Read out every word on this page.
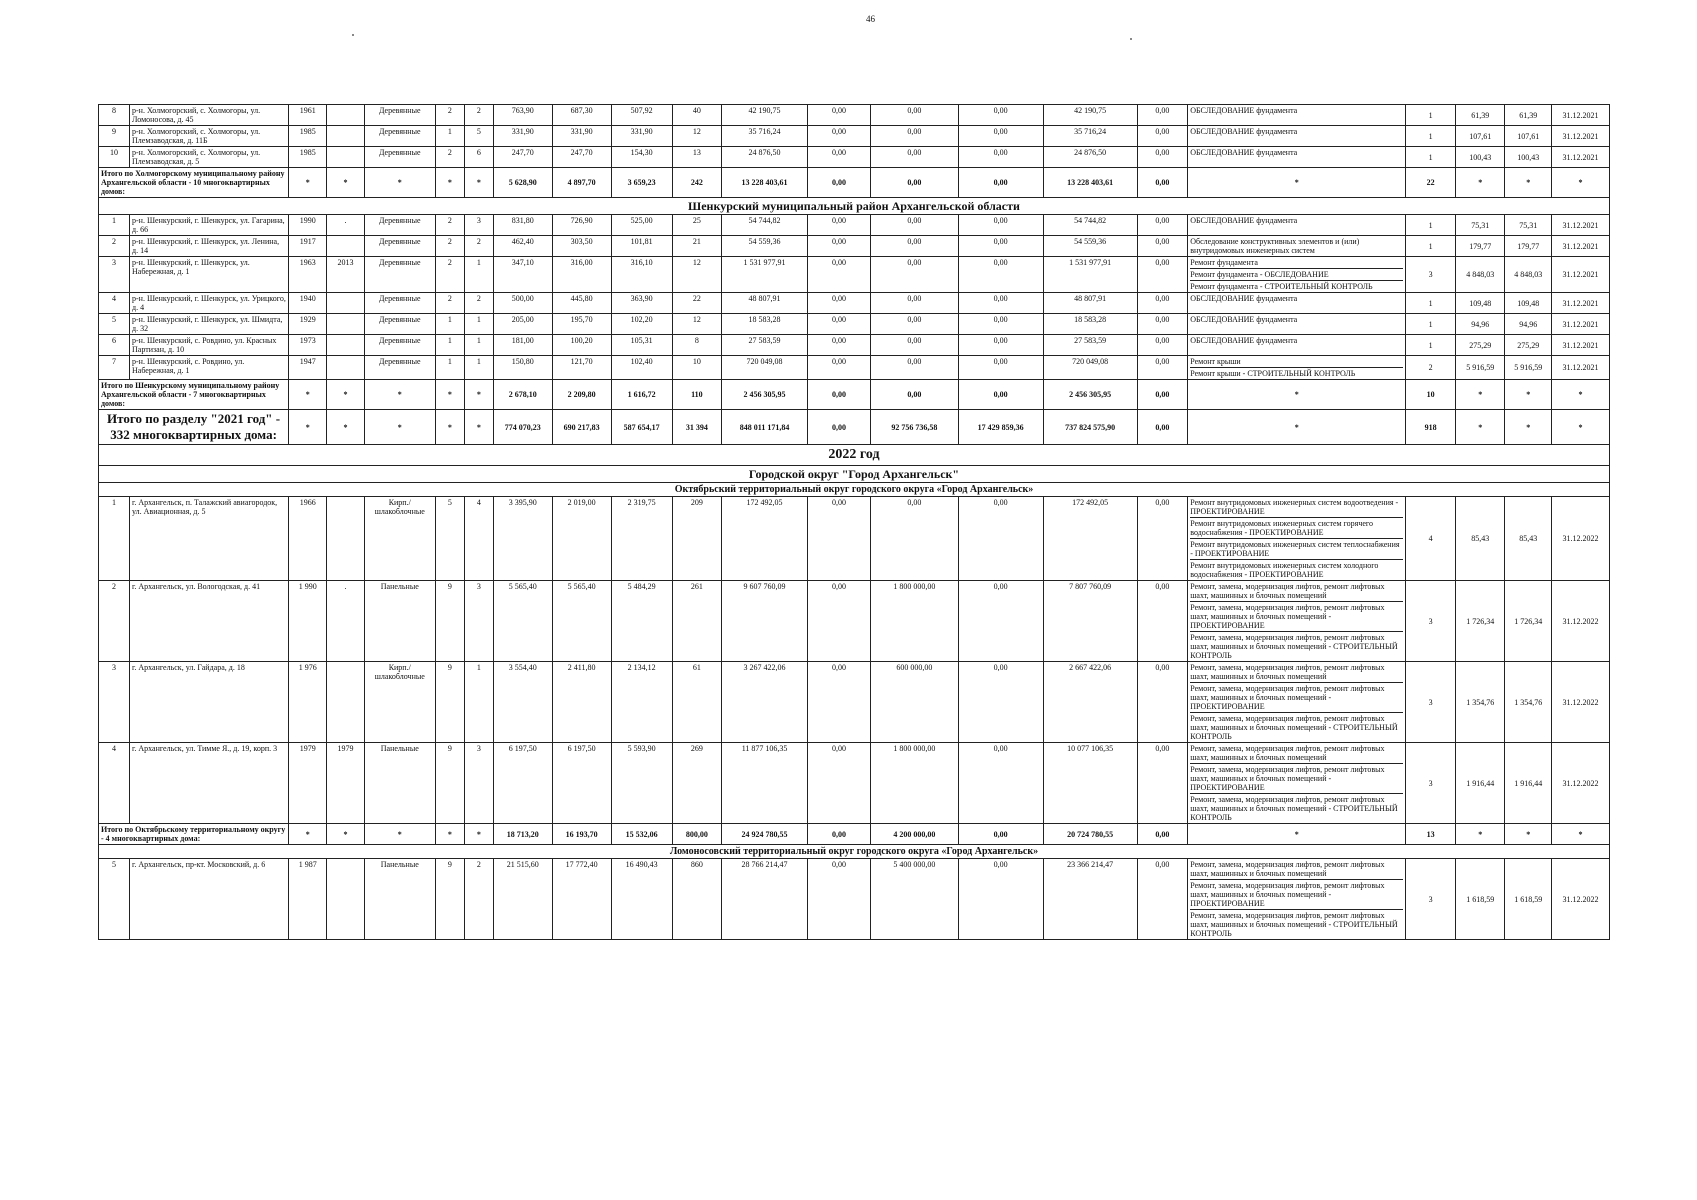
46
8	р-н. Холмогорский, с. Холмогоры, ул. Ломоносова, д. 45	1961		Деревянные	2	2	763,90	687,30	507,92	40	42 190,75	0,00	0,00	0,00	42 190,75	0,00	ОБСЛЕДОВАНИЕ фундамента	1	61,39	61,39	31.12.2021
9	р-н. Холмогорский, с. Холмогоры, ул. Племзаводская, д. 11Б	1985		Деревянные	1	5	331,90	331,90	331,90	12	35 716,24	0,00	0,00	0,00	35 716,24	0,00	ОБСЛЕДОВАНИЕ фундамента	1	107,61	107,61	31.12.2021
10	р-н. Холмогорский, с. Холмогоры, ул. Племзаводская, д. 5	1985		Деревянные	2	6	247,70	247,70	154,30	13	24 876,50	0,00	0,00	0,00	24 876,50	0,00	ОБСЛЕДОВАНИЕ фундамента	1	100,43	100,43	31.12.2021
Итого по Холмогорскому муниципальному району Архангельской области - 10 многоквартирных домов:		*	*	*	*	*	5 628,90	4 897,70	3 659,23	242	13 228 403,61	0,00	0,00	0,00	13 228 403,61	0,00	*	22	*	*	*
Шенкурский муниципальный район Архангельской области																					
1	р-н. Шенкурский, г. Шенкурск, ул. Гагарина, д. 66	1990	.	Деревянные	2	3	831,80	726,90	525,00	25	54 744,82	0,00	0,00	0,00	54 744,82	0,00	ОБСЛЕДОВАНИЕ фундамента	1	75,31	75,31	31.12.2021
2	р-н. Шенкурский, г. Шенкурск, ул. Ленина, д. 14	1917		Деревянные	2	2	462,40	303,50	101,81	21	54 559,36	0,00	0,00	0,00	54 559,36	0,00	Обследование конструктивных элементов и (или) внутридомовых инженерных систем	1	179,77	179,77	31.12.2021
3	р-н. Шенкурский, г. Шенкурск, ул. Набережная, д. 1	1963	2013	Деревянные	2	1	347,10	316,00	316,10	12	1 531 977,91	0,00	0,00	0,00	1 531 977,91	0,00	Ремонт фундамента
Ремонт фундамента - ОБСЛЕДОВАНИЕ
Ремонт фундамента - СТРОИТЕЛЬНЫЙ КОНТРОЛЬ	3	4 848,03	4 848,03	31.12.2021
4	р-н. Шенкурский, г. Шенкурск, ул. Урицкого, д. 4	1940		Деревянные	2	2	500,00	445,80	363,90	22	48 807,91	0,00	0,00	0,00	48 807,91	0,00	ОБСЛЕДОВАНИЕ фундамента	1	109,48	109,48	31.12.2021
5	р-н. Шенкурский, г. Шенкурск, ул. Шмидта, д. 32	1929		Деревянные	1	1	205,00	195,70	102,20	12	18 583,28	0,00	0,00	0,00	18 583,28	0,00	ОБСЛЕДОВАНИЕ фундамента	1	94,96	94,96	31.12.2021
6	р-н. Шенкурский, с. Ровдино, ул. Красных Партизан, д. 10	1973		Деревянные	1	1	181,00	100,20	105,31	8	27 583,59	0,00	0,00	0,00	27 583,59	0,00	ОБСЛЕДОВАНИЕ фундамента	1	275,29	275,29	31.12.2021
7	р-н. Шенкурский, с. Ровдино, ул. Набережная, д. 1	1947		Деревянные	1	1	150,80	121,70	102,40	10	720 049,08	0,00	0,00	0,00	720 049,08	0,00	Ремонт крыши
Ремонт крыши - СТРОИТЕЛЬНЫЙ КОНТРОЛЬ	2	5 916,59	5 916,59	31.12.2021
Итого по Шенкурскому муниципальному району Архангельской области - 7 многоквартирных домов:		*	*	*	*	*	2 678,10	2 209,80	1 616,72	110	2 456 305,95	0,00	0,00	0,00	2 456 305,95	0,00	*	10	*	*	*
Итого по разделу "2021 год" - 332 многоквартирных дома:		*	*	*	*	*	774 070,23	690 217,83	587 654,17	31 394	848 011 171,84	0,00	92 756 736,58	17 429 859,36	737 824 575,90	0,00	*	918	*	*	*
2022 год																					
Городской округ "Город Архангельск"																					
Октябрьский территориальный округ городского округа «Город Архангельск»																					
1	г. Архангельск, п. Талажский авиагородок, ул. Авиационная, д. 5	1966		Кирп./ шлакоблочные	5	4	3 395,90	2 019,00	2 319,75	209	172 492,05	0,00	0,00	0,00	172 492,05	0,00	Ремонт внутридомовых инженерных систем водоотведения - ПРОЕКТИРОВАНИЕ
Ремонт внутридомовых инженерных систем горячего водоснабжения - ПРОЕКТИРОВАНИЕ
Ремонт внутридомовых инженерных систем теплоснабжения - ПРОЕКТИРОВАНИЕ
Ремонт внутридомовых инженерных систем холодного водоснабжения - ПРОЕКТИРОВАНИЕ	4	85,43	85,43	31.12.2022
2	г. Архангельск, ул. Вологодская, д. 41	1 990	.	Панельные	9	3	5 565,40	5 565,40	5 484,29	261	9 607 760,09	0,00	1 800 000,00	0,00	7 807 760,09	0,00	Ремонт, замена, модернизация лифтов, ремонт лифтовых шахт, машинных и блочных помещений
Ремонт, замена, модернизация лифтов, ремонт лифтовых шахт, машинных и блочных помещений - ПРОЕКТИРОВАНИЕ
Ремонт, замена, модернизация лифтов, ремонт лифтовых шахт, машинных и блочных помещений - СТРОИТЕЛЬНЫЙ КОНТРОЛЬ	3	1 726,34	1 726,34	31.12.2022
3	г. Архангельск, ул. Гайдара, д. 18	1 976		Кирп./ шлакоблочные	9	1	3 554,40	2 411,80	2 134,12	61	3 267 422,06	0,00	600 000,00	0,00	2 667 422,06	0,00	Ремонт, замена, модернизация лифтов, ремонт лифтовых шахт, машинных и блочных помещений
Ремонт, замена, модернизация лифтов, ремонт лифтовых шахт, машинных и блочных помещений - ПРОЕКТИРОВАНИЕ
Ремонт, замена, модернизация лифтов, ремонт лифтовых шахт, машинных и блочных помещений - СТРОИТЕЛЬНЫЙ КОНТРОЛЬ	3	1 354,76	1 354,76	31.12.2022
4	г. Архангельск, ул. Тимме Я., д. 19, корп. 3	1979	1979	Панельные	9	3	6 197,50	6 197,50	5 593,90	269	11 877 106,35	0,00	1 800 000,00	0,00	10 077 106,35	0,00	Ремонт, замена, модернизация лифтов, ремонт лифтовых шахт, машинных и блочных помещений
Ремонт, замена, модернизация лифтов, ремонт лифтовых шахт, машинных и блочных помещений - ПРОЕКТИРОВАНИЕ
Ремонт, замена, модернизация лифтов, ремонт лифтовых шахт, машинных и блочных помещений - СТРОИТЕЛЬНЫЙ КОНТРОЛЬ	3	1 916,44	1 916,44	31.12.2022
Итого по Октябрьскому территориальному округу - 4 многоквартирных дома:		*	*	*	*	*	18 713,20	16 193,70	15 532,06	800,00	24 924 780,55	0,00	4 200 000,00	0,00	20 724 780,55	0,00	*	13	*	*	*
Ломоносовский территориальный округ городского округа «Город Архангельск»																					
5	г. Архангельск, пр-кт. Московский, д. 6	1 987		Панельные	9	2	21 515,60	17 772,40	16 490,43	860	28 766 214,47	0,00	5 400 000,00	0,00	23 366 214,47	0,00	Ремонт, замена, модернизация лифтов, ремонт лифтовых шахт, машинных и блочных помещений
Ремонт, замена, модернизация лифтов, ремонт лифтовых шахт, машинных и блочных помещений - ПРОЕКТИРОВАНИЕ
Ремонт, замена, модернизация лифтов, ремонт лифтовых шахт, машинных и блочных помещений - СТРОИТЕЛЬНЫЙ КОНТРОЛЬ	3	1 618,59	1 618,59	31.12.2022
